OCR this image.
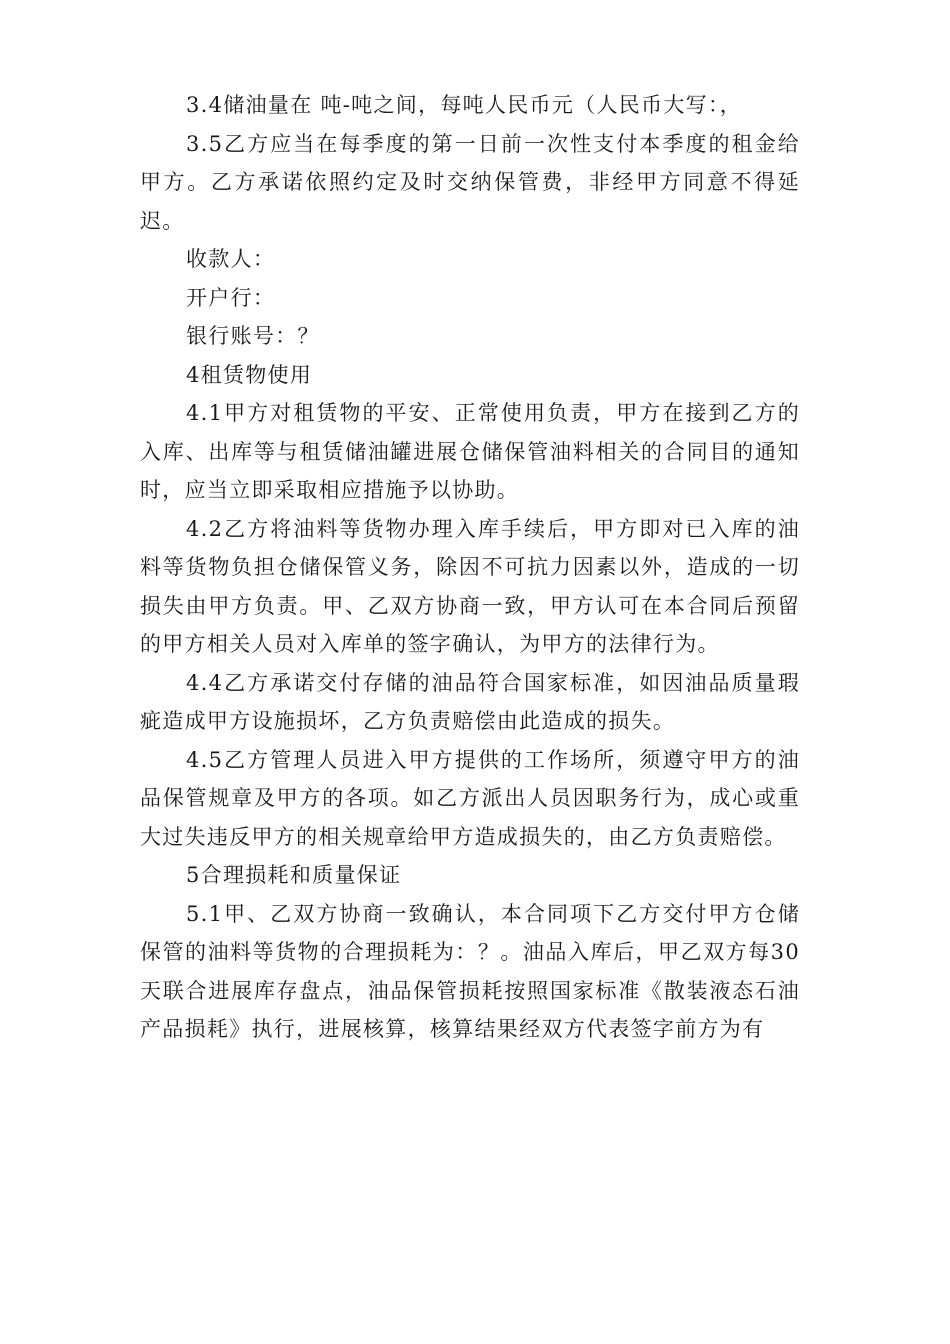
3.4储油量在 吨-吨之间，每吨人民币元（人民币大写：，

3.5乙方应当在每季度的第一日前一次性支付本季度的租金给甲方。乙方承诺依照约定及时交纳保管费，非经甲方同意不得延迟。

收款人：

开户行：

银行账号：？

4租赁物使用

4.1甲方对租赁物的平安、正常使用负责，甲方在接到乙方的入库、出库等与租赁储油罐进展仓储保管油料相关的合同目的通知时，应当立即采取相应措施予以协助。

4.2乙方将油料等货物办理入库手续后，甲方即对已入库的油料等货物负担仓储保管义务，除因不可抗力因素以外，造成的一切损失由甲方负责。甲、乙双方协商一致，甲方认可在本合同后预留的甲方相关人员对入库单的签字确认，为甲方的法律行为。

4.4乙方承诺交付存储的油品符合国家标准，如因油品质量瑕疵造成甲方设施损坏，乙方负责赔偿由此造成的损失。

4.5乙方管理人员进入甲方提供的工作场所，须遵守甲方的油品保管规章及甲方的各项。如乙方派出人员因职务行为，成心或重大过失违反甲方的相关规章给甲方造成损失的，由乙方负责赔偿。

5合理损耗和质量保证

5.1甲、乙双方协商一致确认，本合同项下乙方交付甲方仓储保管的油料等货物的合理损耗为：？。油品入库后，甲乙双方每30天联合进展库存盘点，油品保管损耗按照国家标准《散装液态石油产品损耗》执行，进展核算，核算结果经双方代表签字前方为有
